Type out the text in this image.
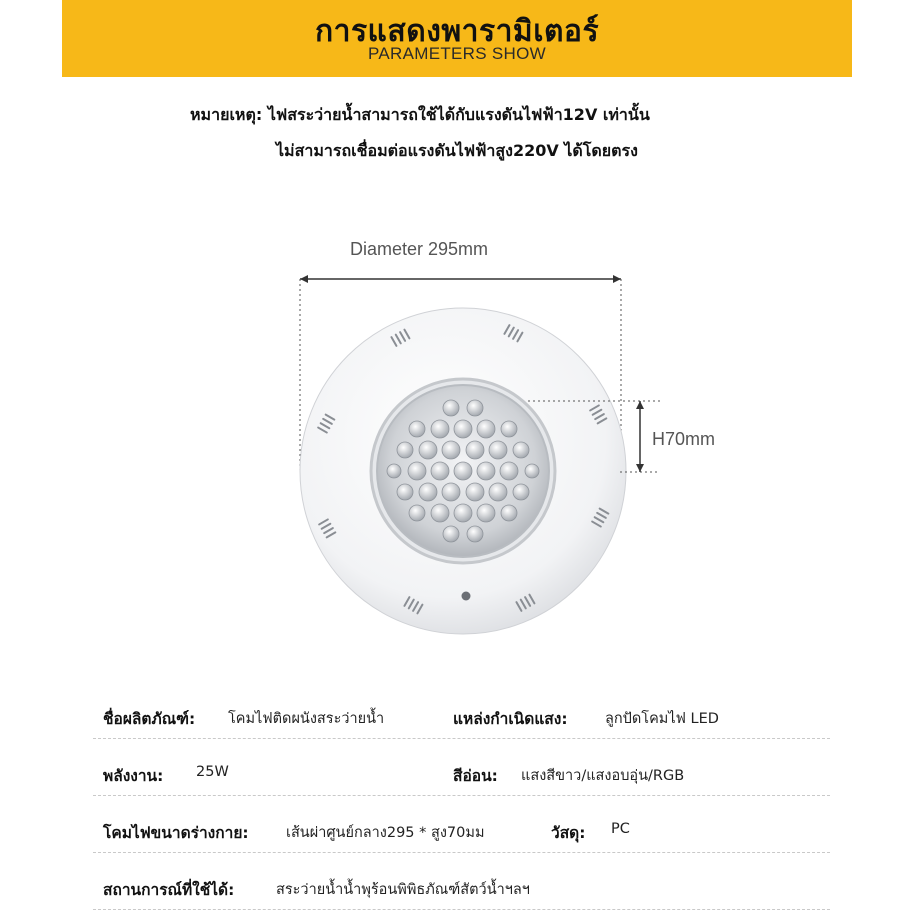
การแสดงพารามิเตอร์
PARAMETERS SHOW
หมายเหตุ: ไฟสระว่ายน้ำสามารถใช้ได้กับแรงดันไฟฟ้า12V เท่านั้น
ไม่สามารถเชื่อมต่อแรงดันไฟฟ้าสูง220V ได้โดยตรง
Diameter 295mm
H70mm
ชื่อผลิตภัณฑ์: โคมไฟติดผนังสระว่ายน้ำ	แหล่งกำเนิดแสง:	ลูกปัดโคมไฟ LED
พลังงาน: 25W	สีอ่อน: แสงสีขาว/แสงอบอุ่น/RGB
โคมไฟขนาดร่างกาย:	เส้นผ่าศูนย์กลาง295 * สูง70มม	วัสดุ: PC
สถานการณ์ที่ใช้ได้:	สระว่ายน้ำน้ำพุร้อนพิพิธภัณฑ์สัตว์น้ำฯลฯ
